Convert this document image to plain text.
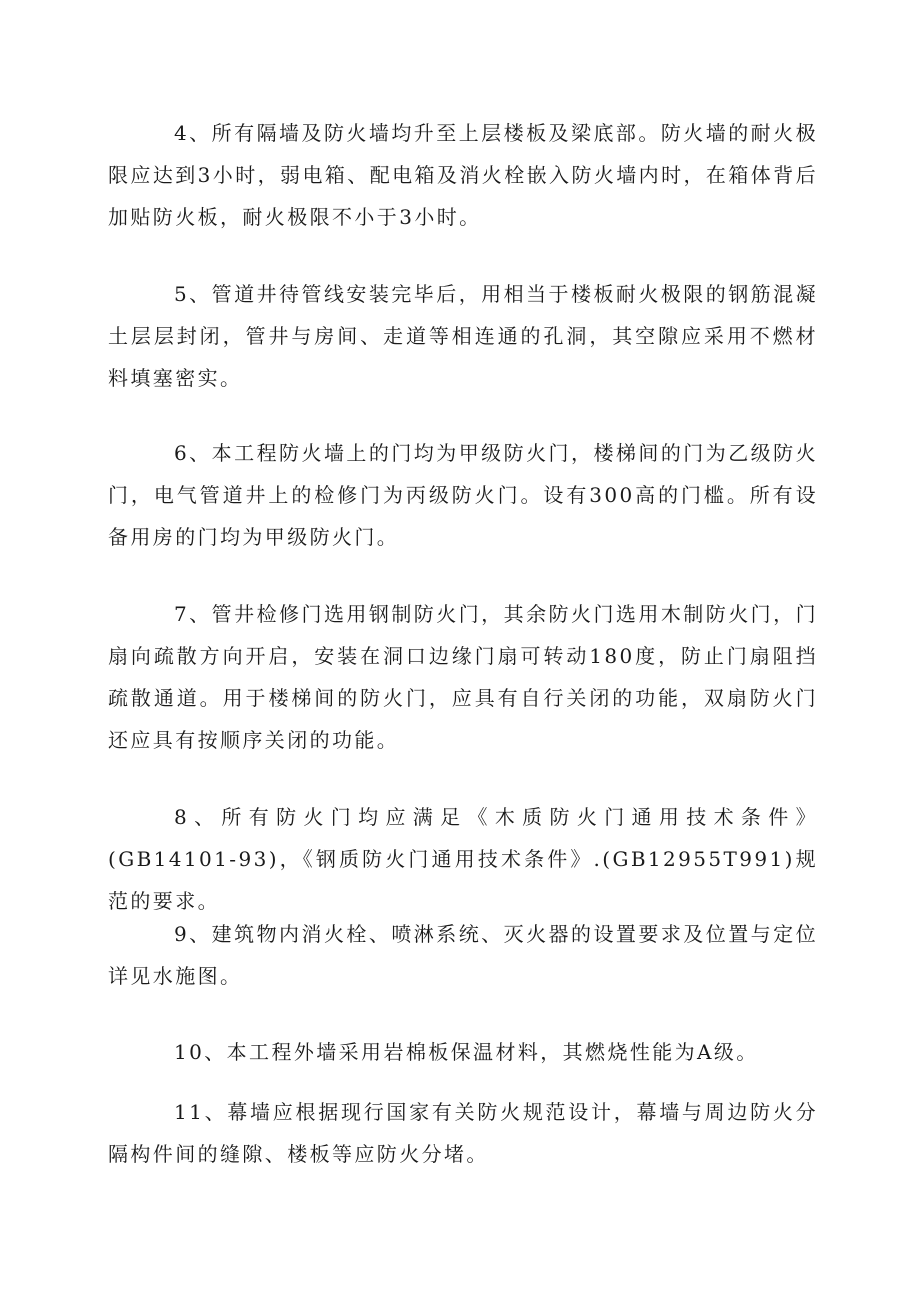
4、所有隔墙及防火墙均升至上层楼板及梁底部。防火墙的耐火极限应达到3小时，弱电箱、配电箱及消火栓嵌入防火墙内时，在箱体背后加贴防火板，耐火极限不小于3小时。

5、管道井待管线安装完毕后，用相当于楼板耐火极限的钢筋混凝土层层封闭，管井与房间、走道等相连通的孔洞，其空隙应采用不燃材料填塞密实。

6、本工程防火墙上的门均为甲级防火门，楼梯间的门为乙级防火门，电气管道井上的检修门为丙级防火门。设有300高的门槛。所有设备用房的门均为甲级防火门。

7、管井检修门选用钢制防火门，其余防火门选用木制防火门，门扇向疏散方向开启，安装在洞口边缘门扇可转动180度，防止门扇阻挡疏散通道。用于楼梯间的防火门，应具有自行关闭的功能，双扇防火门还应具有按顺序关闭的功能。

8、所有防火门均应满足《木质防火门通用技术条件》(GB14101-93)，《钢质防火门通用技术条件》.(GB12955T991)规范的要求。

9、建筑物内消火栓、喷淋系统、灭火器的设置要求及位置与定位详见水施图。

10、本工程外墙采用岩棉板保温材料，其燃烧性能为A级。

11、幕墙应根据现行国家有关防火规范设计，幕墙与周边防火分隔构件间的缝隙、楼板等应防火分堵。
